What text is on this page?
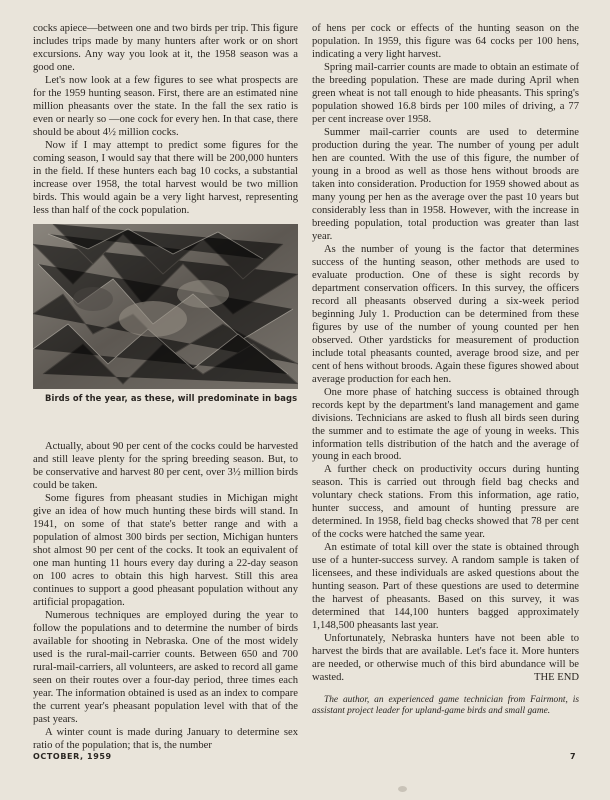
cocks apiece—between one and two birds per trip. This figure includes trips made by many hunters after work or on short excursions. Any way you look at it, the 1958 season was a good one.

Let's now look at a few figures to see what prospects are for the 1959 hunting season. First, there are an estimated nine million pheasants over the state. In the fall the sex ratio is even or nearly so —one cock for every hen. In that case, there should be about 4½ million cocks.

Now if I may attempt to predict some figures for the coming season, I would say that there will be 200,000 hunters in the field. If these hunters each bag 10 cocks, a substantial increase over 1958, the total harvest would be two million birds. This would again be a very light harvest, representing less than half of the cock population.

Birds of the year, as these, will predominate in bags

Actually, about 90 per cent of the cocks could be harvested and still leave plenty for the spring breeding season. But, to be conservative and harvest 80 per cent, over 3½ million birds could be taken.

Some figures from pheasant studies in Michigan might give an idea of how much hunting these birds will stand. In 1941, on some of that state's better range and with a population of almost 300 birds per section, Michigan hunters shot almost 90 per cent of the cocks. It took an equivalent of one man hunting 11 hours every day during a 22-day season on 100 acres to obtain this high harvest. Still this area continues to support a good pheasant population without any artificial propagation.

Numerous techniques are employed during the year to follow the populations and to determine the number of birds available for shooting in Nebraska. One of the most widely used is the rural-mail-carrier counts. Between 650 and 700 rural-mail-carriers, all volunteers, are asked to record all game seen on their routes over a four-day period, three times each year. The information obtained is used as an index to compare the current year's pheasant population level with that of the past years.

A winter count is made during January to determine sex ratio of the population; that is, the number

of hens per cock or effects of the hunting season on the population. In 1959, this figure was 64 cocks per 100 hens, indicating a very light harvest.

Spring mail-carrier counts are made to obtain an estimate of the breeding population. These are made during April when green wheat is not tall enough to hide pheasants. This spring's population showed 16.8 birds per 100 miles of driving, a 77 per cent increase over 1958.

Summer mail-carrier counts are used to determine production during the year. The number of young per adult hen are counted. With the use of this figure, the number of young in a brood as well as those hens without broods are taken into consideration. Production for 1959 showed about as many young per hen as the average over the past 10 years but considerably less than in 1958. However, with the increase in breeding population, total production was greater than last year.

As the number of young is the factor that determines success of the hunting season, other methods are used to evaluate production. One of these is sight records by department conservation officers. In this survey, the officers record all pheasants observed during a six-week period beginning July 1. Production can be determined from these figures by use of the number of young counted per hen observed. Other yardsticks for measurement of production include total pheasants counted, average brood size, and per cent of hens without broods. Again these figures showed about average production for each hen.

One more phase of hatching success is obtained through records kept by the department's land management and game divisions. Technicians are asked to flush all birds seen during the summer and to estimate the age of young in weeks. This information tells distribution of the hatch and the average of young in each brood.

A further check on productivity occurs during hunting season. This is carried out through field bag checks and voluntary check stations. From this information, age ratio, hunter success, and amount of hunting pressure are determined. In 1958, field bag checks showed that 78 per cent of the cocks were hatched the same year.

An estimate of total kill over the state is obtained through use of a hunter-success survey. A random sample is taken of licensees, and these individuals are asked questions about the hunting season. Part of these questions are used to determine the harvest of pheasants. Based on this survey, it was determined that 144,100 hunters bagged approximately 1,148,500 pheasants last year.

Unfortunately, Nebraska hunters have not been able to harvest the birds that are available. Let's face it. More hunters are needed, or otherwise much of this bird abundance will be wasted.	THE END

The author, an experienced game technician from Fairmont, is assistant project leader for upland-game birds and small game.

OCTOBER, 1959	7
